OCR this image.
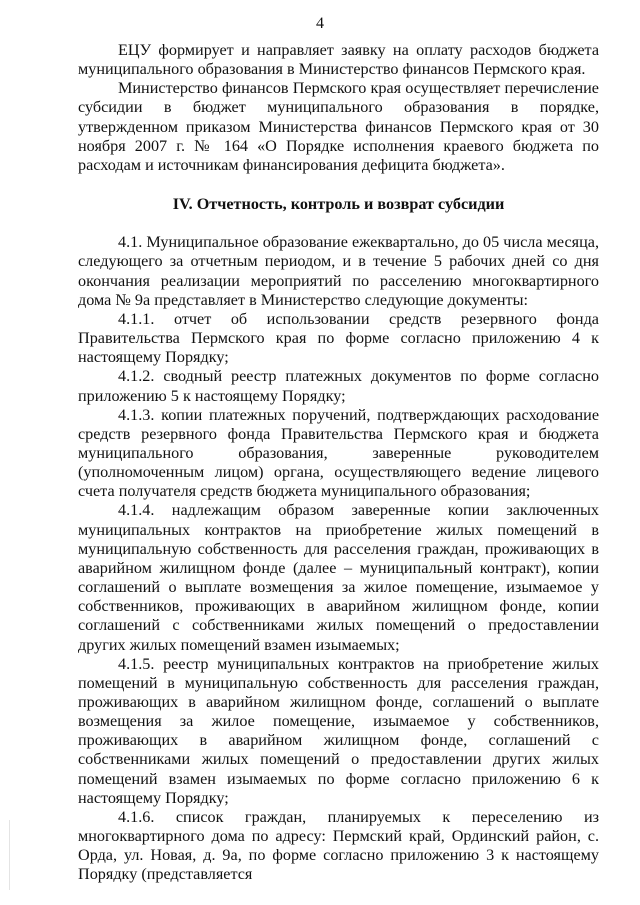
4

ЕЦУ формирует и направляет заявку на оплату расходов бюджета муниципального образования в Министерство финансов Пермского края.

Министерство финансов Пермского края осуществляет перечисление субсидии в бюджет муниципального образования в порядке, утвержденном приказом Министерства финансов Пермского края от 30 ноября 2007 г. № 164 «О Порядке исполнения краевого бюджета по расходам и источникам финансирования дефицита бюджета».

IV. Отчетность, контроль и возврат субсидии

4.1. Муниципальное образование ежеквартально, до 05 числа месяца, следующего за отчетным периодом, и в течение 5 рабочих дней со дня окончания реализации мероприятий по расселению многоквартирного дома № 9а представляет в Министерство следующие документы:

4.1.1. отчет об использовании средств резервного фонда Правительства Пермского края по форме согласно приложению 4 к настоящему Порядку;

4.1.2. сводный реестр платежных документов по форме согласно приложению 5 к настоящему Порядку;

4.1.3. копии платежных поручений, подтверждающих расходование средств резервного фонда Правительства Пермского края и бюджета муниципального образования, заверенные руководителем (уполномоченным лицом) органа, осуществляющего ведение лицевого счета получателя средств бюджета муниципального образования;

4.1.4. надлежащим образом заверенные копии заключенных муниципальных контрактов на приобретение жилых помещений в муниципальную собственность для расселения граждан, проживающих в аварийном жилищном фонде (далее – муниципальный контракт), копии соглашений о выплате возмещения за жилое помещение, изымаемое у собственников, проживающих в аварийном жилищном фонде, копии соглашений с собственниками жилых помещений о предоставлении других жилых помещений взамен изымаемых;

4.1.5. реестр муниципальных контрактов на приобретение жилых помещений в муниципальную собственность для расселения граждан, проживающих в аварийном жилищном фонде, соглашений о выплате возмещения за жилое помещение, изымаемое у собственников, проживающих в аварийном жилищном фонде, соглашений с собственниками жилых помещений о предоставлении других жилых помещений взамен изымаемых по форме согласно приложению 6 к настоящему Порядку;

4.1.6. список граждан, планируемых к переселению из многоквартирного дома по адресу: Пермский край, Ординский район, с. Орда, ул. Новая, д. 9а, по форме согласно приложению 3 к настоящему Порядку (представляется
